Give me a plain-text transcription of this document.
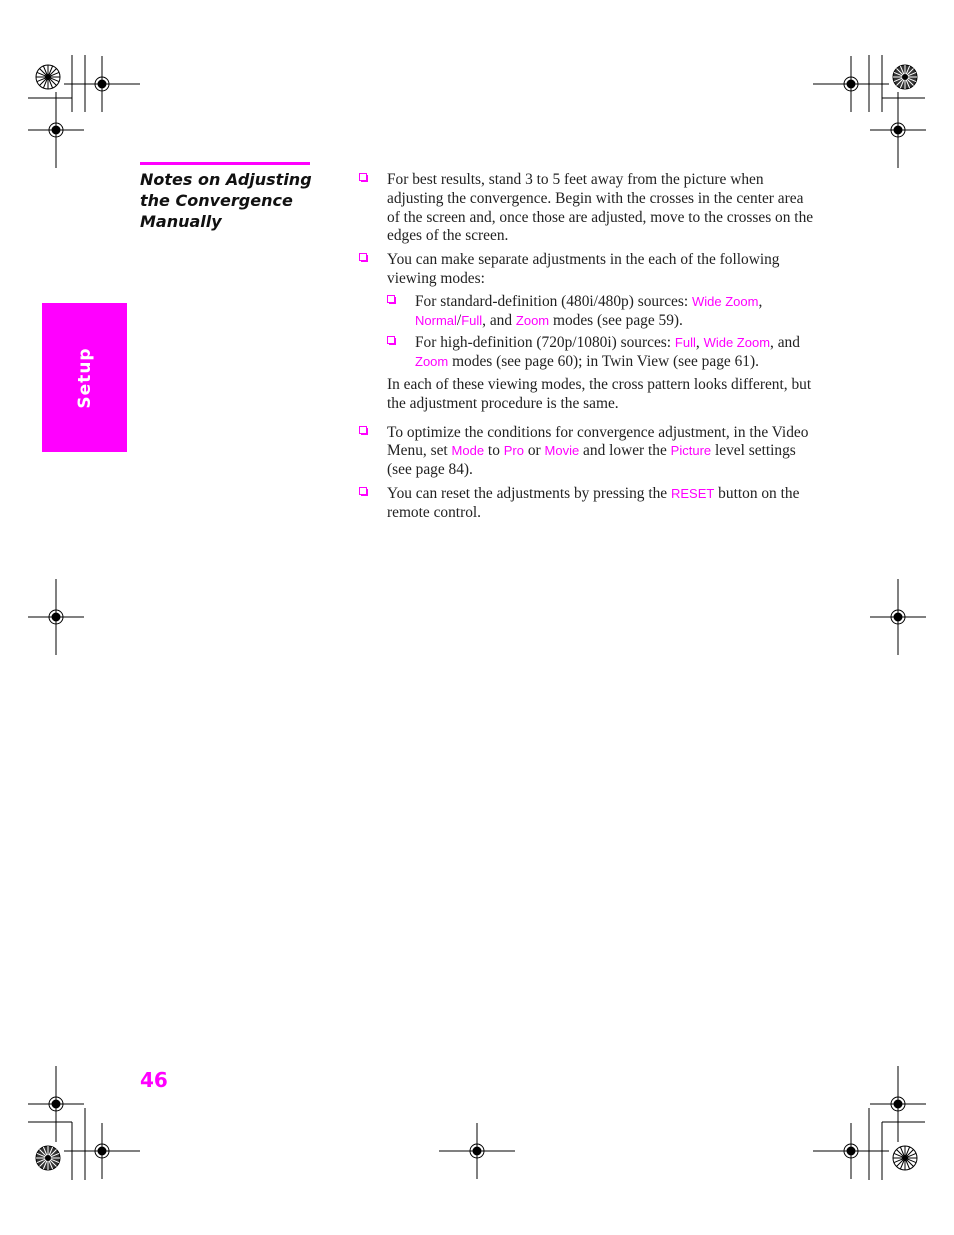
Setup
Notes on Adjusting the Convergence Manually
For best results, stand 3 to 5 feet away from the picture when adjusting the convergence. Begin with the crosses in the center area of the screen and, once those are adjusted, move to the crosses on the edges of the screen.
You can make separate adjustments in the each of the following viewing modes:
For standard-definition (480i/480p) sources: Wide Zoom, Normal/Full, and Zoom modes (see page 59).
For high-definition (720p/1080i) sources: Full, Wide Zoom, and Zoom modes (see page 60); in Twin View (see page 61).

In each of these viewing modes, the cross pattern looks different, but the adjustment procedure is the same.

To optimize the conditions for convergence adjustment, in the Video Menu, set Mode to Pro or Movie and lower the Picture level settings (see page 84).
You can reset the adjustments by pressing the RESET button on the remote control.
46
